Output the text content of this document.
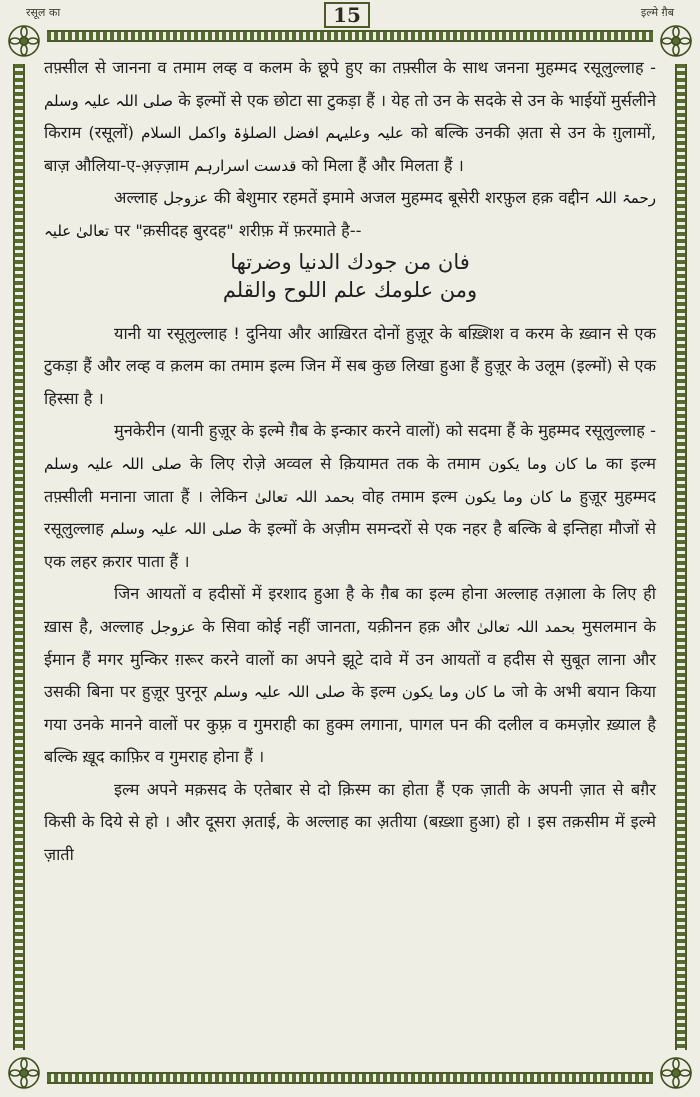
रसूल का	इल्मे ग़ैब
15

तफ़्सील से जानना व तमाम लव्ह व कलम के छूपे हुए का तफ़्सील के साथ जनना मुहम्मद रसूलुल्लाह - صلی اللہ علیہ وسلم के इल्मों से एक छोटा सा टुकड़ा हैं । येह तो उन के सदके से उन के भाईयों मुर्सलीने किराम (रसूलों) علیہ وعلیہم افضل الصلوٰۃ واکمل السلام को बल्कि उनकी अ़ता से उन के ग़ुलामों, बाज़ औलिया-ए-अ़ज़्ज़ाम قدست اسرارہم को मिला हैं और मिलता हैं ।

अल्लाह عزوجل की बेशुमार रहमतें इमामे अजल मुहम्मद बूसेरी शरफ़ुल हक़ वद्दीन رحمۃ اللہ تعالیٰ علیہ पर "क़सीदह बुरदह" शरीफ़ में फ़रमाते है--

فان من جودك الدنيا وضرتها
ومن علومك علم اللوح والقلم

यानी या रसूलुल्लाह ! दुनिया और आख़िरत दोनों हुज़ूर के बख़्शिश व करम के ख़्वान से एक टुकड़ा हैं और लव्ह व क़लम का तमाम इल्म जिन में सब कुछ लिखा हुआ हैं हुज़ूर के उलूम (इल्मों) से एक हिस्सा है ।

मुनकेरीन (यानी हुज़ूर के इल्मे ग़ैब के इन्कार करने वालों) को सदमा हैं के मुहम्मद रसूलुल्लाह - صلی اللہ علیہ وسلم के लिए रोज़े अव्वल से क़ियामत तक के तमाम ما كان وما يكون का इल्म तफ़्सीली मनाना जाता हैं । लेकिन بحمد اللہ تعالیٰ वोह तमाम इल्म ما كان وما يكون हुज़ूर मुहम्मद रसूलुल्लाह صلی اللہ علیہ وسلم के इल्मों के अज़ीम समन्दरों से एक नहर है बल्कि बे इन्तिहा मौजों से एक लहर क़रार पाता हैं ।

जिन आयतों व हदीसों में इरशाद हुआ है के ग़ैब का इल्म होना अल्लाह तआ़ला के लिए ही ख़ास है, अल्लाह عزوجل के सिवा कोई नहीं जानता, यक़ीनन हक़ और بحمد اللہ تعالیٰ मुसलमान के ईमान हैं मगर मुन्किर ग़रूर करने वालों का अपने झूटे दावे में उन आयतों व हदीस से सुबूत लाना और उसकी बिना पर हुज़ूर पुरनूर صلی اللہ علیہ وسلم के इल्म ما كان وما يكون जो के अभी बयान किया गया उनके मानने वालों पर कुफ़्र व गुमराही का हुक्म लगाना, पागल पन की दलील व कमज़ोर ख़्याल है बल्कि ख़ूद काफ़िर व गुमराह होना हैं ।

इल्म अपने मक़सद के एतेबार से दो क़िस्म का होता हैं एक ज़ाती के अपनी ज़ात से बग़ैर किसी के दिये से हो । और दूसरा अ़ताई, के अल्लाह का अ़तीया (बख़्शा हुआ) हो । इस तक़सीम में इल्मे ज़ाती
